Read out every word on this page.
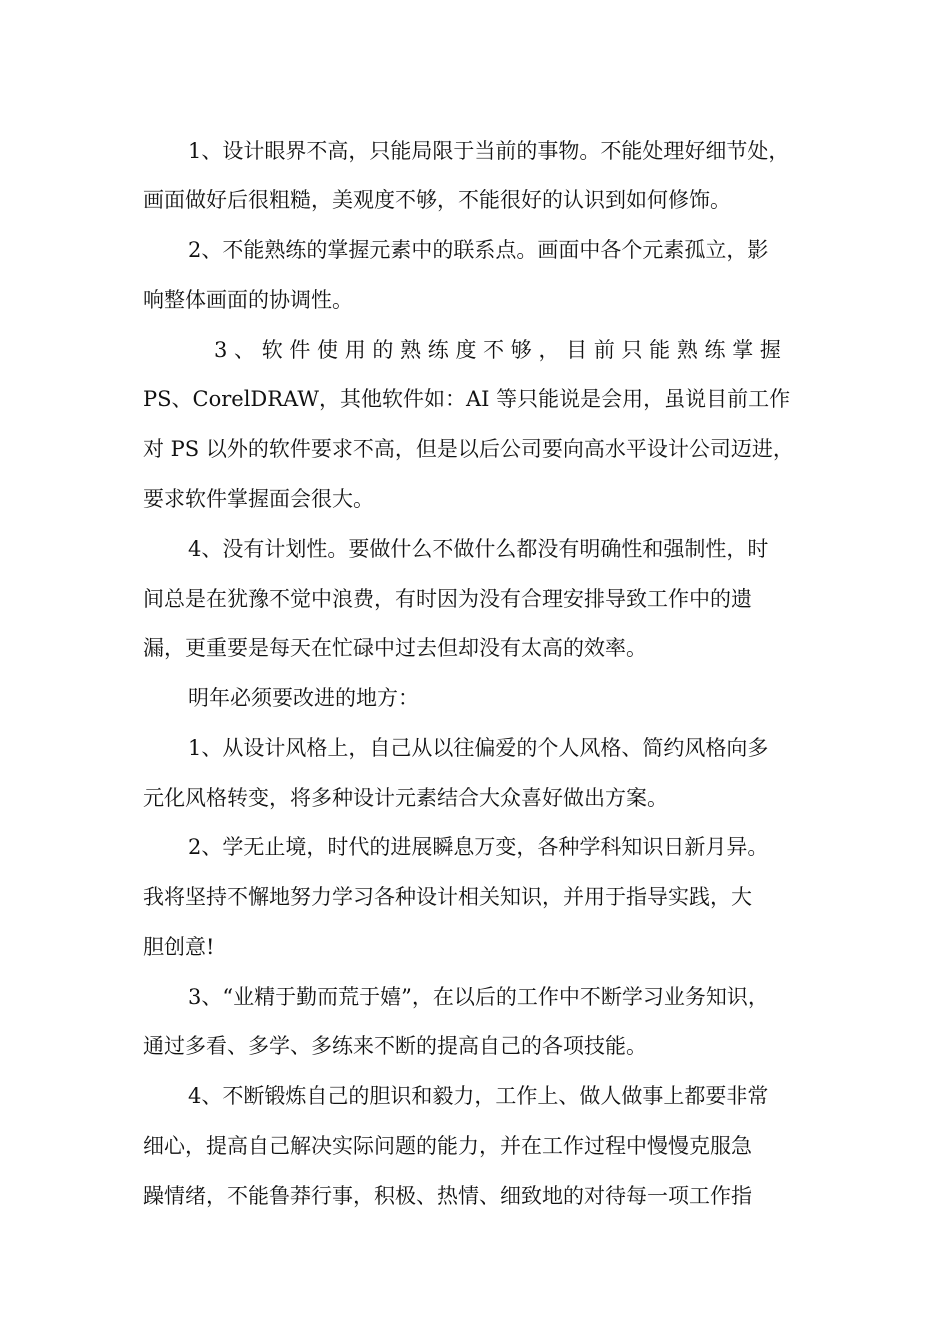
1、设计眼界不高，只能局限于当前的事物。不能处理好细节处，
画面做好后很粗糙，美观度不够，不能很好的认识到如何修饰。
2、不能熟练的掌握元素中的联系点。画面中各个元素孤立，影
响整体画面的协调性。
3 、 软 件 使 用 的 熟 练 度 不 够 ， 目 前 只 能 熟 练 掌 握
PS、CorelDRAW，其他软件如：AI 等只能说是会用，虽说目前工作
对 PS 以外的软件要求不高，但是以后公司要向高水平设计公司迈进，
要求软件掌握面会很大。
4、没有计划性。要做什么不做什么都没有明确性和强制性，时
间总是在犹豫不觉中浪费，有时因为没有合理安排导致工作中的遗
漏，更重要是每天在忙碌中过去但却没有太高的效率。
明年必须要改进的地方：
1、从设计风格上，自己从以往偏爱的个人风格、简约风格向多
元化风格转变，将多种设计元素结合大众喜好做出方案。
2、学无止境，时代的进展瞬息万变，各种学科知识日新月异。
我将坚持不懈地努力学习各种设计相关知识，并用于指导实践，大
胆创意!
3、“业精于勤而荒于嬉”，在以后的工作中不断学习业务知识，
通过多看、多学、多练来不断的提高自己的各项技能。
4、不断锻炼自己的胆识和毅力，工作上、做人做事上都要非常
细心，提高自己解决实际问题的能力，并在工作过程中慢慢克服急
躁情绪，不能鲁莽行事，积极、热情、细致地的对待每一项工作指
